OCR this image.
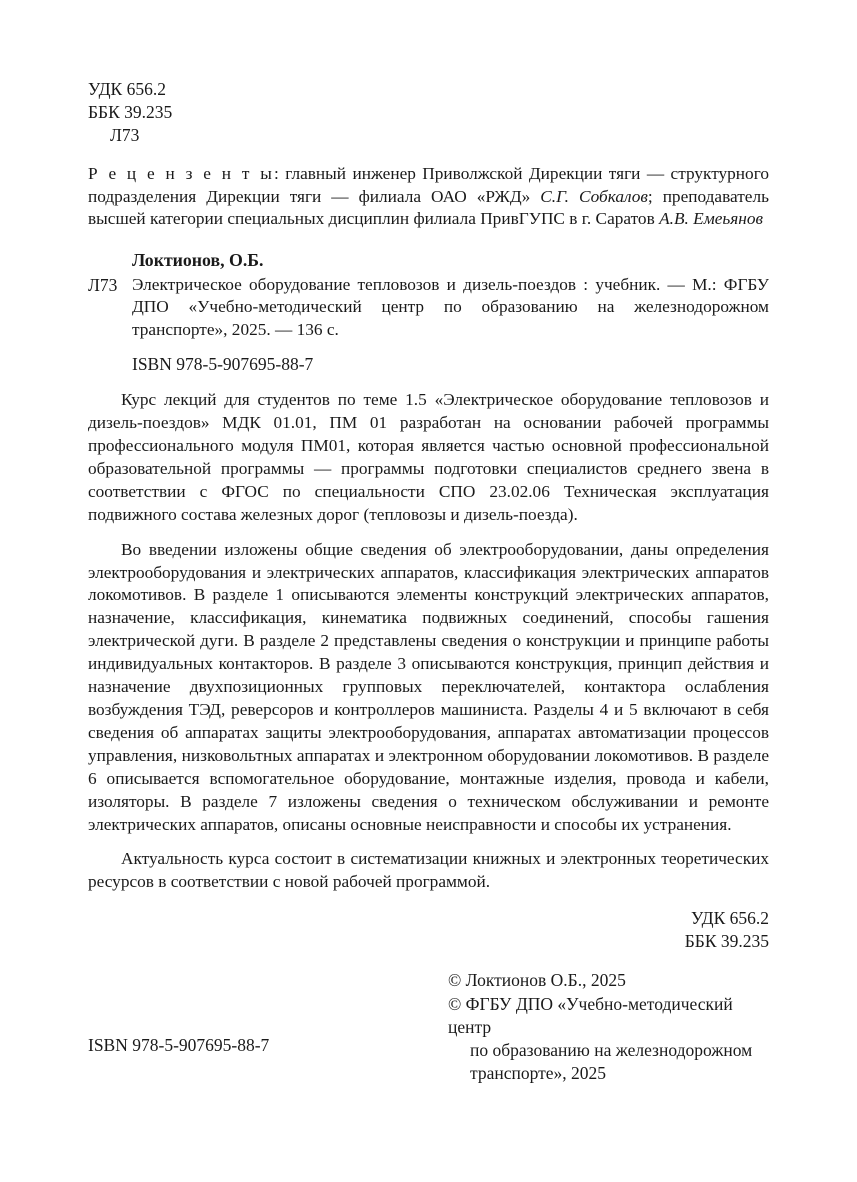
УДК 656.2
ББК 39.235
Л73
Р е ц е н з е н т ы: главный инженер Приволжской Дирекции тяги — структурного подразделения Дирекции тяги — филиала ОАО «РЖД» С.Г. Собкалов; преподаватель высшей категории специальных дисциплин филиала ПривГУПС в г. Саратов А.В. Емеьянов
Локтионов, О.Б.
Л73 Электрическое оборудование тепловозов и дизель-поездов : учебник. — М.: ФГБУ ДПО «Учебно-методический центр по образованию на железнодорожном транспорте», 2025. — 136 с.
ISBN 978-5-907695-88-7
Курс лекций для студентов по теме 1.5 «Электрическое оборудование тепловозов и дизель-поездов» МДК 01.01, ПМ 01 разработан на основании рабочей программы профессионального модуля ПМ01, которая является частью основной профессиональной образовательной программы — программы подготовки специалистов среднего звена в соответствии с ФГОС по специальности СПО 23.02.06 Техническая эксплуатация подвижного состава железных дорог (тепловозы и дизель-поезда).
Во введении изложены общие сведения об электрооборудовании, даны определения электрооборудования и электрических аппаратов, классификация электрических аппаратов локомотивов. В разделе 1 описываются элементы конструкций электрических аппаратов, назначение, классификация, кинематика подвижных соединений, способы гашения электрической дуги. В разделе 2 представлены сведения о конструкции и принципе работы индивидуальных контакторов. В разделе 3 описываются конструкция, принцип действия и назначение двухпозиционных групповых переключателей, контактора ослабления возбуждения ТЭД, реверсоров и контроллеров машиниста. Разделы 4 и 5 включают в себя сведения об аппаратах защиты электрооборудования, аппаратах автоматизации процессов управления, низковольтных аппаратах и электронном оборудовании локомотивов. В разделе 6 описывается вспомогательное оборудование, монтажные изделия, провода и кабели, изоляторы. В разделе 7 изложены сведения о техническом обслуживании и ремонте электрических аппаратов, описаны основные неисправности и способы их устранения.
Актуальность курса состоит в систематизации книжных и электронных теоретических ресурсов в соответствии с новой рабочей программой.
УДК 656.2
ББК 39.235
© Локтионов О.Б., 2025
© ФГБУ ДПО «Учебно-методический центр
по образованию на железнодорожном
транспорте», 2025
ISBN 978-5-907695-88-7
